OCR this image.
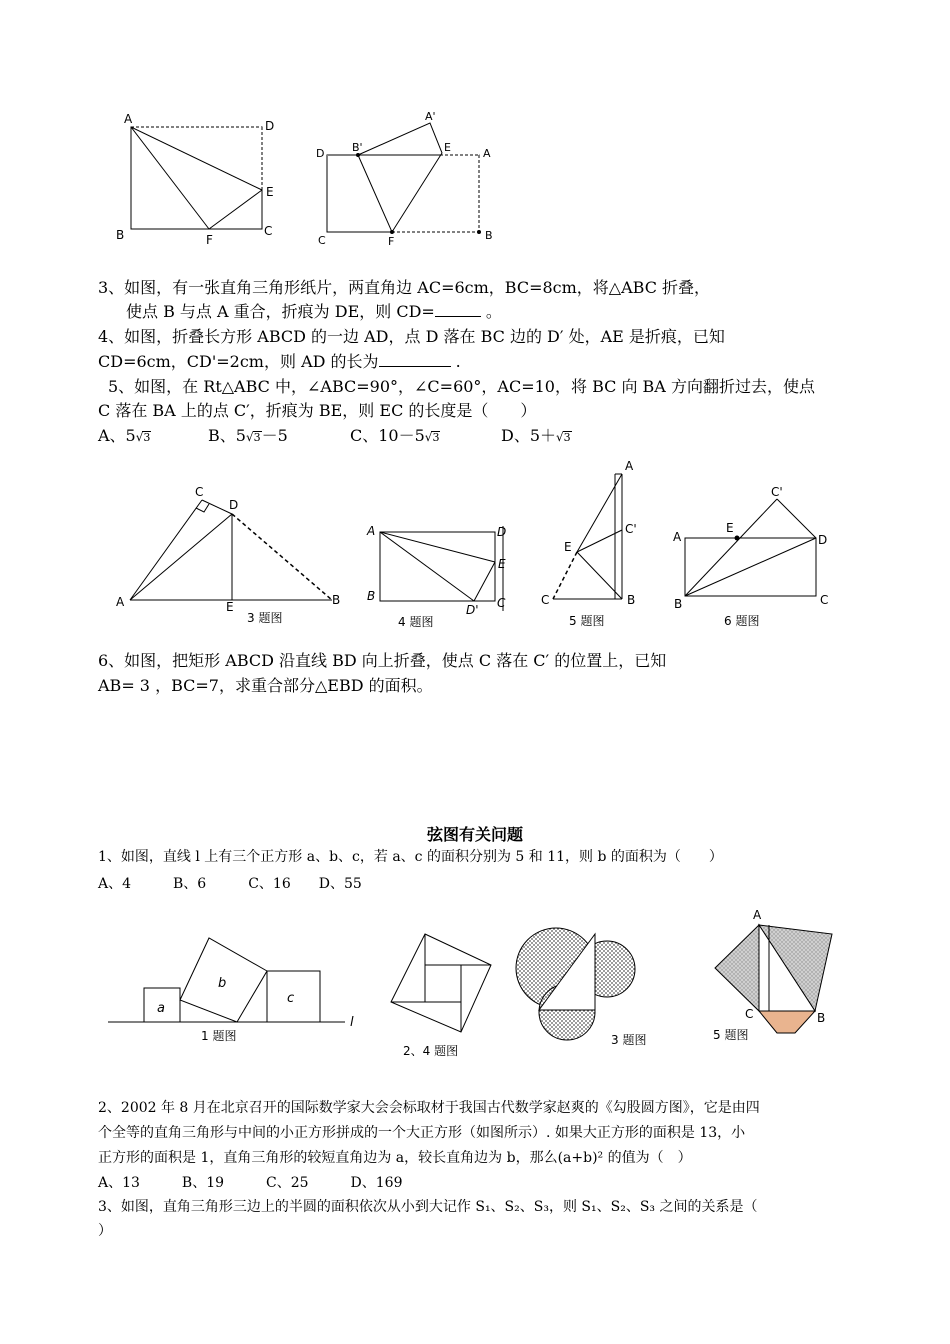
A	D
E
B	F
C
D	B'
A'
E	A
C	F	B
3、如图，有一张直角三角形纸片，两直角边 AC=6cm，BC=8cm，将△ABC 折叠，
使点 B 与点 A 重合，折痕为 DE，则 CD=	。
4、如图，折叠长方形 ABCD 的一边 AD，点 D 落在 BC 边的 D′ 处，AE 是折痕，已知
CD=6cm，CD'=2cm，则 AD 的长为	.
5、如图，在 Rt△ABC 中，∠ABC=90°，∠C=60°，AC=10，将 BC 向 BA 方向翻折过去，使点
C 落在 BA 上的点 C′，折痕为 BE，则 EC 的长度是（　　）
A、5√3	B、5√3－5	C、10－5√3	D、5＋√3
C
D
A	E	B
3 题图
A	D
E
B
D' C
4 题图
A
C'
E
C	B
5 题图
C'
A
E
D
B	C
6 题图
6、如图，把矩形 ABCD 沿直线 BD 向上折叠，使点 C 落在 C′ 的位置上，已知
AB= 3 ，BC=7，求重合部分△EBD 的面积。
弦图有关问题
1、如图，直线 l 上有三个正方形 a、b、c，若 a、c 的面积分别为 5 和 11，则 b 的面积为（　　）
A、4　　　B、6　　　C、16　　D、55
a
b
c
l
1 题图
2、4 题图
3 题图
A
C	B
5 题图
2、2002 年 8 月在北京召开的国际数学家大会会标取材于我国古代数学家赵爽的《勾股圆方图》，它是由四
个全等的直角三角形与中间的小正方形拼成的一个大正方形（如图所示）. 如果大正方形的面积是 13，小
正方形的面积是 1，直角三角形的较短直角边为 a，较长直角边为 b，那么(a+b)² 的值为（　）
A、13　　　B、19　　　C、25　　　D、169
3、如图，直角三角形三边上的半圆的面积依次从小到大记作 S₁、S₂、S₃，则 S₁、S₂、S₃ 之间的关系是（
）
